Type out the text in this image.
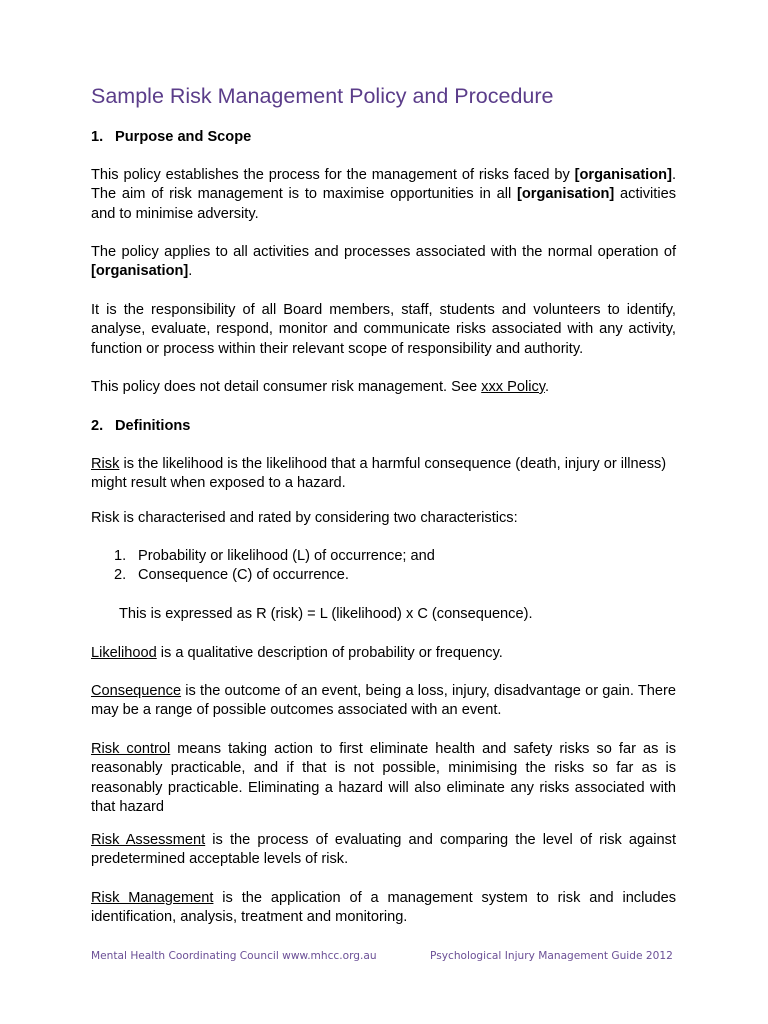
Sample Risk Management Policy and Procedure

1. Purpose and Scope

This policy establishes the process for the management of risks faced by [organisation]. The aim of risk management is to maximise opportunities in all [organisation] activities and to minimise adversity.

The policy applies to all activities and processes associated with the normal operation of [organisation].

It is the responsibility of all Board members, staff, students and volunteers to identify, analyse, evaluate, respond, monitor and communicate risks associated with any activity, function or process within their relevant scope of responsibility and authority.

This policy does not detail consumer risk management. See xxx Policy.

2. Definitions

Risk is the likelihood is the likelihood that a harmful consequence (death, injury or illness) might result when exposed to a hazard.

Risk is characterised and rated by considering two characteristics:

1. Probability or likelihood (L) of occurrence; and

2. Consequence (C) of occurrence.

This is expressed as R (risk) = L (likelihood) x C (consequence).

Likelihood is a qualitative description of probability or frequency.

Consequence is the outcome of an event, being a loss, injury, disadvantage or gain. There may be a range of possible outcomes associated with an event.

Risk control means taking action to first eliminate health and safety risks so far as is reasonably practicable, and if that is not possible, minimising the risks so far as is reasonably practicable. Eliminating a hazard will also eliminate any risks associated with that hazard

Risk Assessment is the process of evaluating and comparing the level of risk against predetermined acceptable levels of risk.

Risk Management is the application of a management system to risk and includes identification, analysis, treatment and monitoring.

Mental Health Coordinating Council www.mhcc.org.au	Psychological Injury Management Guide 2012
